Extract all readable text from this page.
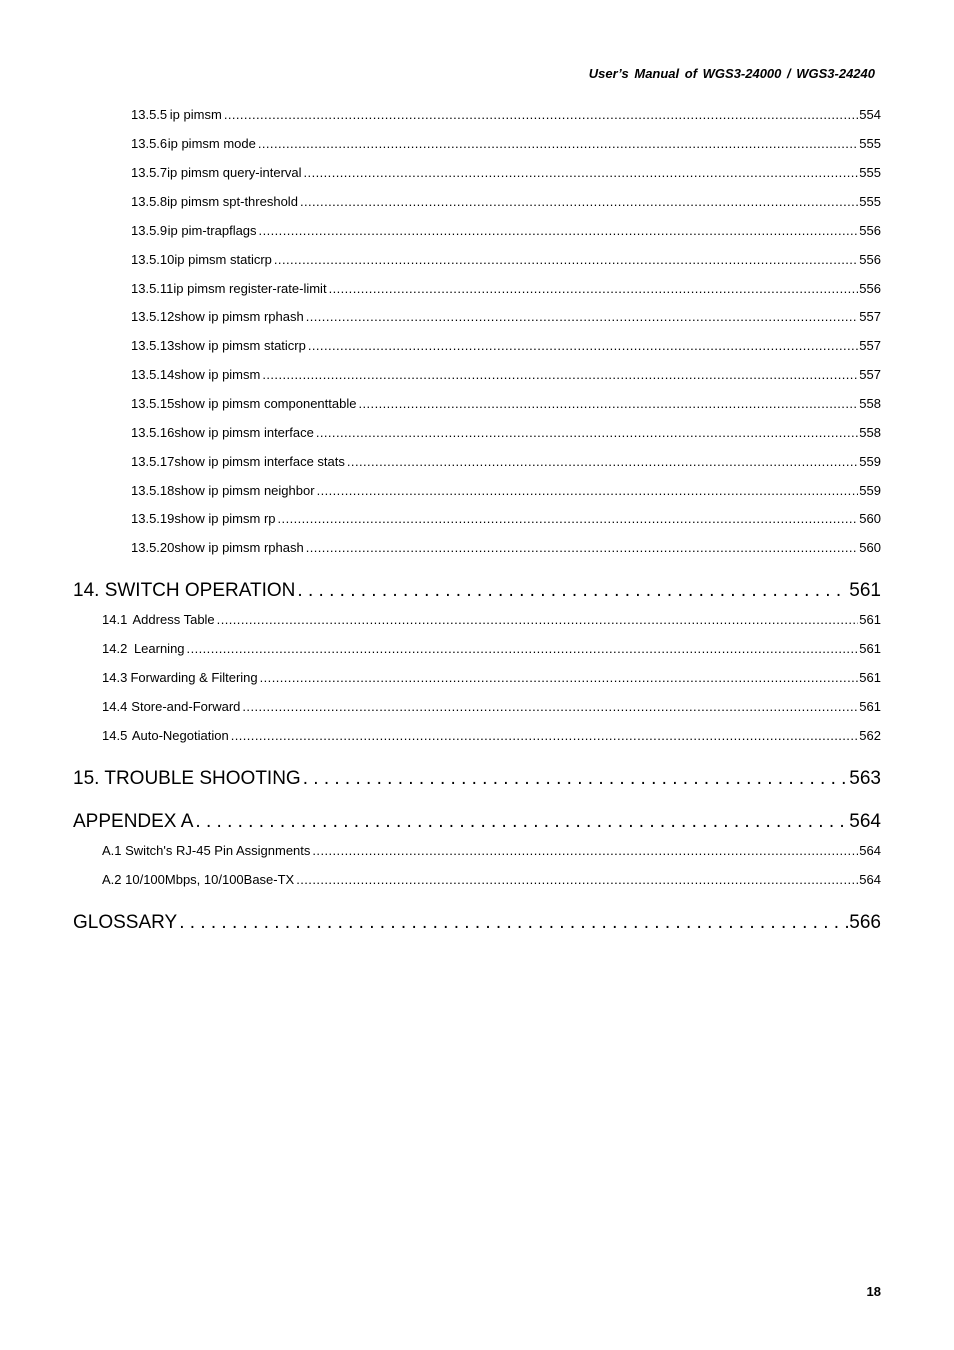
User’s Manual of WGS3-24000 / WGS3-24240
13.5.5 ip pimsm . . .	554
13.5.6 ip pimsm mode . . .	555
13.5.7 ip pimsm query-interval . . .	555
13.5.8 ip pimsm spt-threshold . . .	555
13.5.9 ip pim-trapflags . . .	556
13.5.10 ip pimsm staticrp . . .	556
13.5.11 ip pimsm register-rate-limit . . .	556
13.5.12 show ip pimsm rphash . . .	557
13.5.13 show ip pimsm staticrp . . .	557
13.5.14 show ip pimsm . . .	557
13.5.15 show ip pimsm componenttable . . .	558
13.5.16 show ip pimsm interface . . .	558
13.5.17 show ip pimsm interface stats . . .	559
13.5.18 show ip pimsm neighbor . . .	559
13.5.19 show ip pimsm rp . . .	560
13.5.20 show ip pimsm rphash . . .	560
14. SWITCH OPERATION . . .	561
14.1 Address Table . . .	561
14.2 Learning . . .	561
14.3 Forwarding & Filtering . . .	561
14.4 Store-and-Forward . . .	561
14.5 Auto-Negotiation . . .	562
15. TROUBLE SHOOTING . . .	563
APPENDEX A . . .	564
A.1 Switch's RJ-45 Pin Assignments . . .	564
A.2 10/100Mbps, 10/100Base-TX . . .	564
GLOSSARY . . .	566
18
